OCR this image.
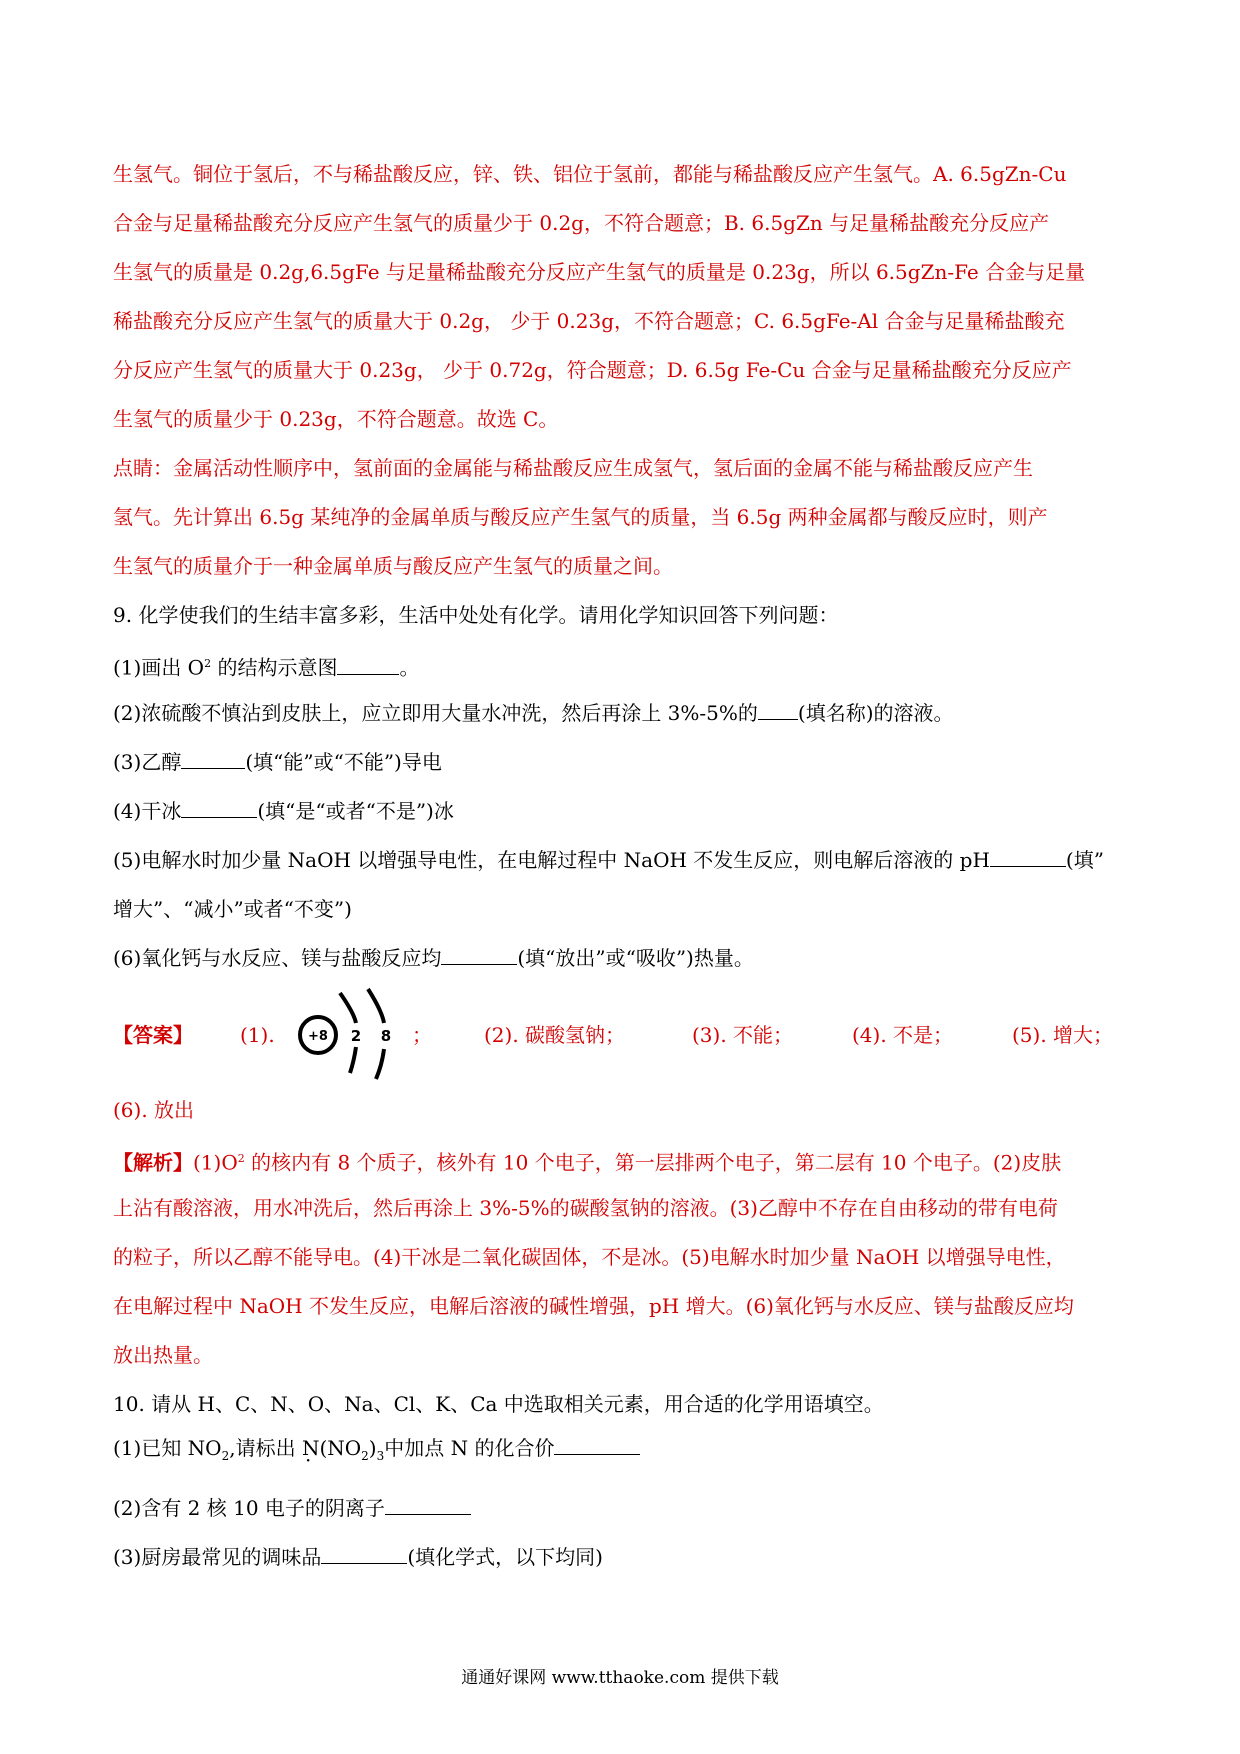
生氢气。铜位于氢后，不与稀盐酸反应，锌、铁、铝位于氢前，都能与稀盐酸反应产生氢气。A. 6.5gZn-Cu
合金与足量稀盐酸充分反应产生氢气的质量少于 0.2g，不符合题意；B. 6.5gZn 与足量稀盐酸充分反应产
生氢气的质量是 0.2g,6.5gFe 与足量稀盐酸充分反应产生氢气的质量是 0.23g，所以 6.5gZn-Fe 合金与足量
稀盐酸充分反应产生氢气的质量大于 0.2g， 少于 0.23g，不符合题意；C. 6.5gFe-Al 合金与足量稀盐酸充
分反应产生氢气的质量大于 0.23g， 少于 0.72g，符合题意；D. 6.5g Fe-Cu 合金与足量稀盐酸充分反应产
生氢气的质量少于 0.23g，不符合题意。故选 C。
点睛：金属活动性顺序中，氢前面的金属能与稀盐酸反应生成氢气，氢后面的金属不能与稀盐酸反应产生
氢气。先计算出 6.5g 某纯净的金属单质与酸反应产生氢气的质量，当 6.5g 两种金属都与酸反应时，则产
生氢气的质量介于一种金属单质与酸反应产生氢气的质量之间。
9. 化学使我们的生结丰富多彩，生活中处处有化学。请用化学知识回答下列问题：
(1)画出 $O^2$ 的结构示意图	。
(2)浓硫酸不慎沾到皮肤上，应立即用大量水冲洗，然后再涂上 3%-5%的 (填名称)的溶液。
(3)乙醇	(填“能”或“不能”)导电
(4)干冰	(填“是“或者“不是”)冰
(5)电解水时加少量 NaOH 以增强导电性，在电解过程中 NaOH 不发生反应，则电解后溶液的 pH	(填”
增大”、“减小”或者“不变”)
(6)氧化钙与水反应、镁与盐酸反应均	(填“放出”或“吸收”)热量。
【答案】 (1).	+8 2 8 ；	(2). 碳酸氢钠；	(3). 不能；	(4). 不是；	(5). 增大；
(6). 放出
【解析】$(1)O^2$ 的核内有 8 个质子，核外有 10 个电子，第一层排两个电子，第二层有 10 个电子。(2)皮肤
上沾有酸溶液，用水冲洗后，然后再涂上 3%-5%的碳酸氢钠的溶液。(3)乙醇中不存在自由移动的带有电荷
的粒子，所以乙醇不能导电。(4)干冰是二氧化碳固体，不是冰。(5)电解水时加少量 NaOH 以增强导电性，
在电解过程中 NaOH 不发生反应，电解后溶液的碱性增强，pH 增大。(6)氧化钙与水反应、镁与盐酸反应均
放出热量。
10. 请从 H、C、N、O、Na、Cl、K、Ca 中选取相关元素，用合适的化学用语填空。
(1)已知 $NO_2$,请标出 $N \cdot(NO_2)_3$中加点 N 的化合价
(2)含有 2 核 10 电子的阴离子
(3)厨房最常见的调味品	(填化学式，以下均同)
通通好课网 www.tthaoke.com 提供下载
